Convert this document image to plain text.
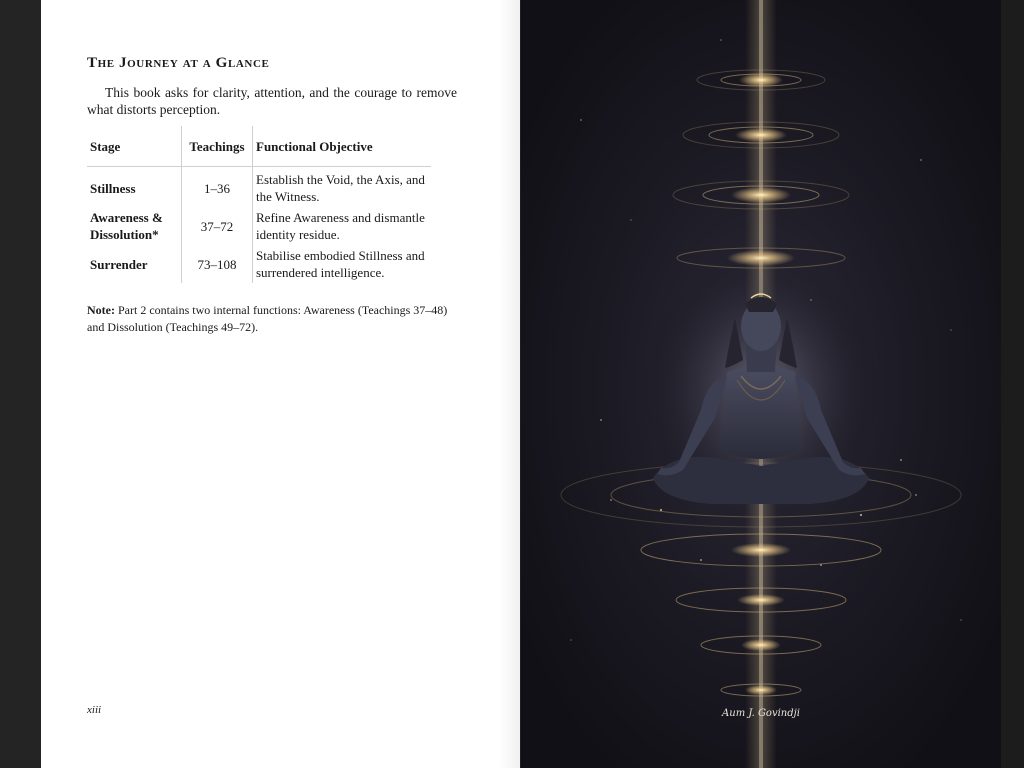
The Journey at a Glance

This book asks for clarity, attention, and the courage to remove what distorts perception.

Stage	Teachings	Functional Objective
Stillness	1–36	Establish the Void, the Axis, and the Witness.
Awareness & Dissolution*	37–72	Refine Awareness and dismantle identity residue.
Surrender	73–108	Stabilise embodied Stillness and surrendered intelligence.

Note: Part 2 contains two internal functions: Awareness (Teachings 37–48) and Dissolution (Teachings 49–72).

xiii	Aum J. Govindji
